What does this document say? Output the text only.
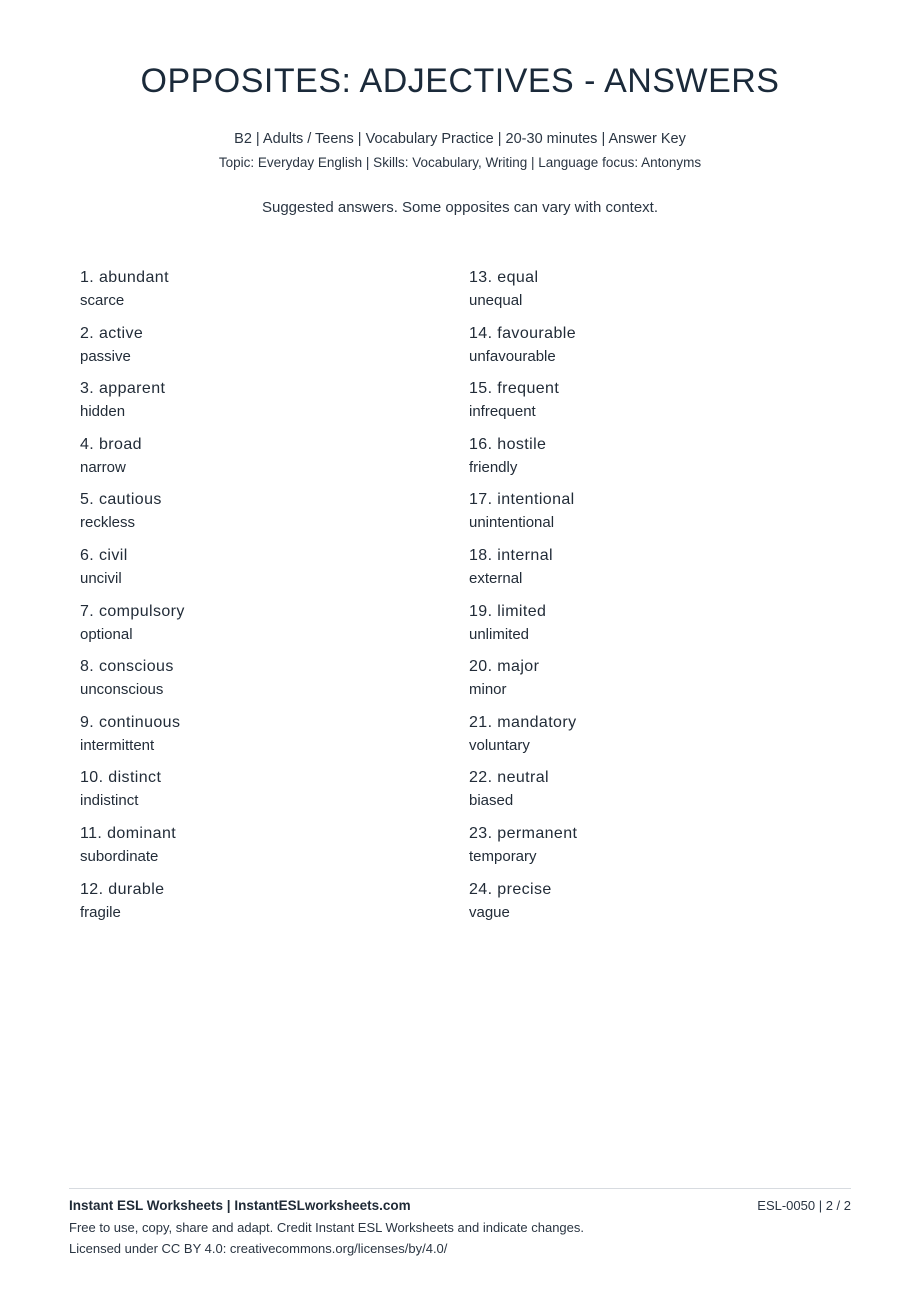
OPPOSITES: ADJECTIVES - ANSWERS
B2 | Adults / Teens | Vocabulary Practice | 20-30 minutes | Answer Key
Topic: Everyday English | Skills: Vocabulary, Writing | Language focus: Antonyms
Suggested answers. Some opposites can vary with context.
1. abundant
scarce
2. active
passive
3. apparent
hidden
4. broad
narrow
5. cautious
reckless
6. civil
uncivil
7. compulsory
optional
8. conscious
unconscious
9. continuous
intermittent
10. distinct
indistinct
11. dominant
subordinate
12. durable
fragile
13. equal
unequal
14. favourable
unfavourable
15. frequent
infrequent
16. hostile
friendly
17. intentional
unintentional
18. internal
external
19. limited
unlimited
20. major
minor
21. mandatory
voluntary
22. neutral
biased
23. permanent
temporary
24. precise
vague
Instant ESL Worksheets | InstantESLworksheets.com	ESL-0050 | 2 / 2
Free to use, copy, share and adapt. Credit Instant ESL Worksheets and indicate changes.
Licensed under CC BY 4.0: creativecommons.org/licenses/by/4.0/
